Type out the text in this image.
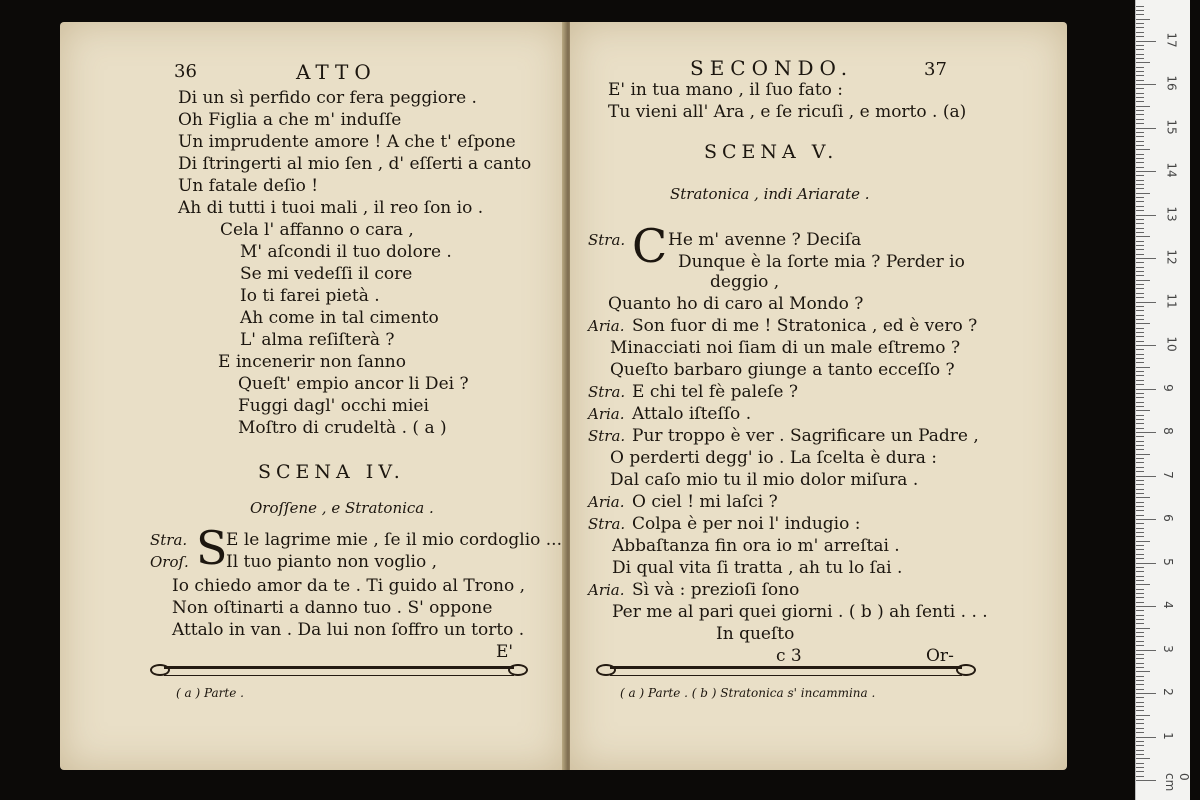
36	ATTO
Di un sì perfido cor fera peggiore .
Oh Figlia a che m' induſſe
Un imprudente amore ! A che t' eſpone
Di ſtringerti al mio ſen , d' eſſerti a canto
Un fatale deſio !
Ah di tutti i tuoi mali , il reo ſon io .
Cela l' affanno o cara ,
M' aſcondi il tuo dolore .
Se mi vedeſſi il core
Io ti farei pietà .
Ah come in tal cimento
L' alma reſiſterà ?
E incenerir non ſanno
Queſt' empio ancor li Dei ?
Fuggi dagl' occhi miei
Moſtro di crudeltà . ( a )
SCENA IV.
Oroſſene , e Stratonica .
S
Stra. E le lagrime mie , ſe il mio cordoglio ...
Oroſ. Il tuo pianto non voglio ,
Io chiedo amor da te . Ti guido al Trono ,
Non oſtinarti a danno tuo . S' oppone
Attalo in van . Da lui non ſoffro un torto .
E'
( a ) Parte .
SECONDO.	37
E' in tua mano , il ſuo fato :
Tu vieni all' Ara , e ſe ricuſi , e morto . (a)
SCENA V.
Stratonica , indi Ariarate .
C
Stra.	He m' avenne ? Deciſa
Dunque è la ſorte mia ? Perder io
deggio ,
Quanto ho di caro al Mondo ?
Aria. Son fuor di me ! Stratonica , ed è vero ?
Minacciati noi ſiam di un male eſtremo ?
Queſto barbaro giunge a tanto ecceſſo ?
Stra. E chi tel fè paleſe ?
Aria. Attalo iſteſſo .
Stra. Pur troppo è ver . Sagrificare un Padre ,
O perderti degg' io . La ſcelta è dura :
Dal caſo mio tu il mio dolor miſura .
Aria. O ciel ! mi laſci ?
Stra. Colpa è per noi l' indugio :
Abbaſtanza fin ora io m' arreſtai .
Di qual vita ſi tratta , ah tu lo ſai .
Aria. Sì và : prezioſi ſono
Per me al pari quei giorni . ( b ) ah ſenti . . .
In queſto
c 3	Or-
( a ) Parte . ( b ) Stratonica s' incammina .
0 cm
1
2
3
4
5
6
7
8
9
10
11
12
13
14
15
16
17
